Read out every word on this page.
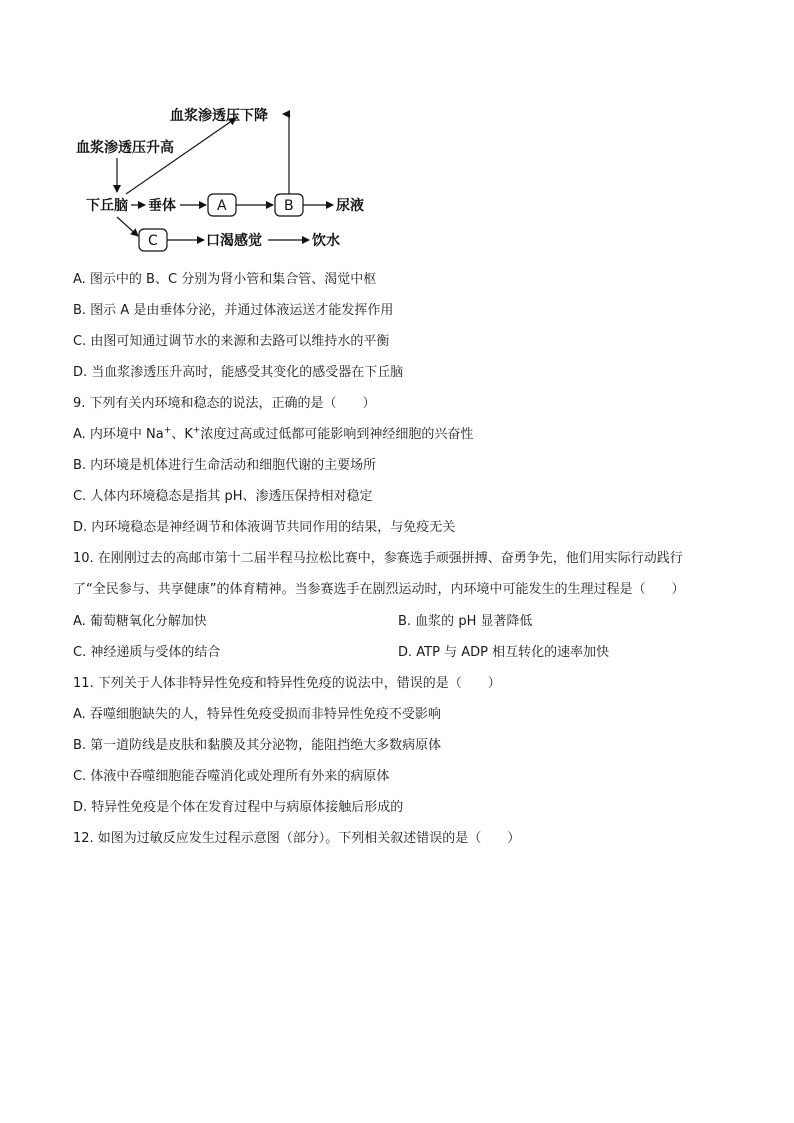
血浆渗透压下降
血浆渗透压升高
下丘脑 垂体	A	B	尿液
C	口渴感觉	饮水
A. 图示中的 B、C 分别为肾小管和集合管、渴觉中枢
B. 图示 A 是由垂体分泌，并通过体液运送才能发挥作用
C. 由图可知通过调节水的来源和去路可以维持水的平衡
D. 当血浆渗透压升高时，能感受其变化的感受器在下丘脑
9. 下列有关内环境和稳态的说法，正确的是（　　）
A. 内环境中 Na+、K+浓度过高或过低都可能影响到神经细胞的兴奋性
B. 内环境是机体进行生命活动和细胞代谢的主要场所
C. 人体内环境稳态是指其 pH、渗透压保持相对稳定
D. 内环境稳态是神经调节和体液调节共同作用的结果，与免疫无关
10. 在刚刚过去的高邮市第十二届半程马拉松比赛中，参赛选手顽强拼搏、奋勇争先，他们用实际行动践行
了“全民参与、共享健康”的体育精神。当参赛选手在剧烈运动时，内环境中可能发生的生理过程是（　　）
A. 葡萄糖氧化分解加快	B. 血浆的 pH 显著降低
C. 神经递质与受体的结合	D. ATP 与 ADP 相互转化的速率加快
11. 下列关于人体非特异性免疫和特异性免疫的说法中，错误的是（　　）
A. 吞噬细胞缺失的人，特异性免疫受损而非特异性免疫不受影响
B. 第一道防线是皮肤和黏膜及其分泌物，能阻挡绝大多数病原体
C. 体液中吞噬细胞能吞噬消化或处理所有外来的病原体
D. 特异性免疫是个体在发育过程中与病原体接触后形成的
12. 如图为过敏反应发生过程示意图（部分）。下列相关叙述错误的是（　　）
